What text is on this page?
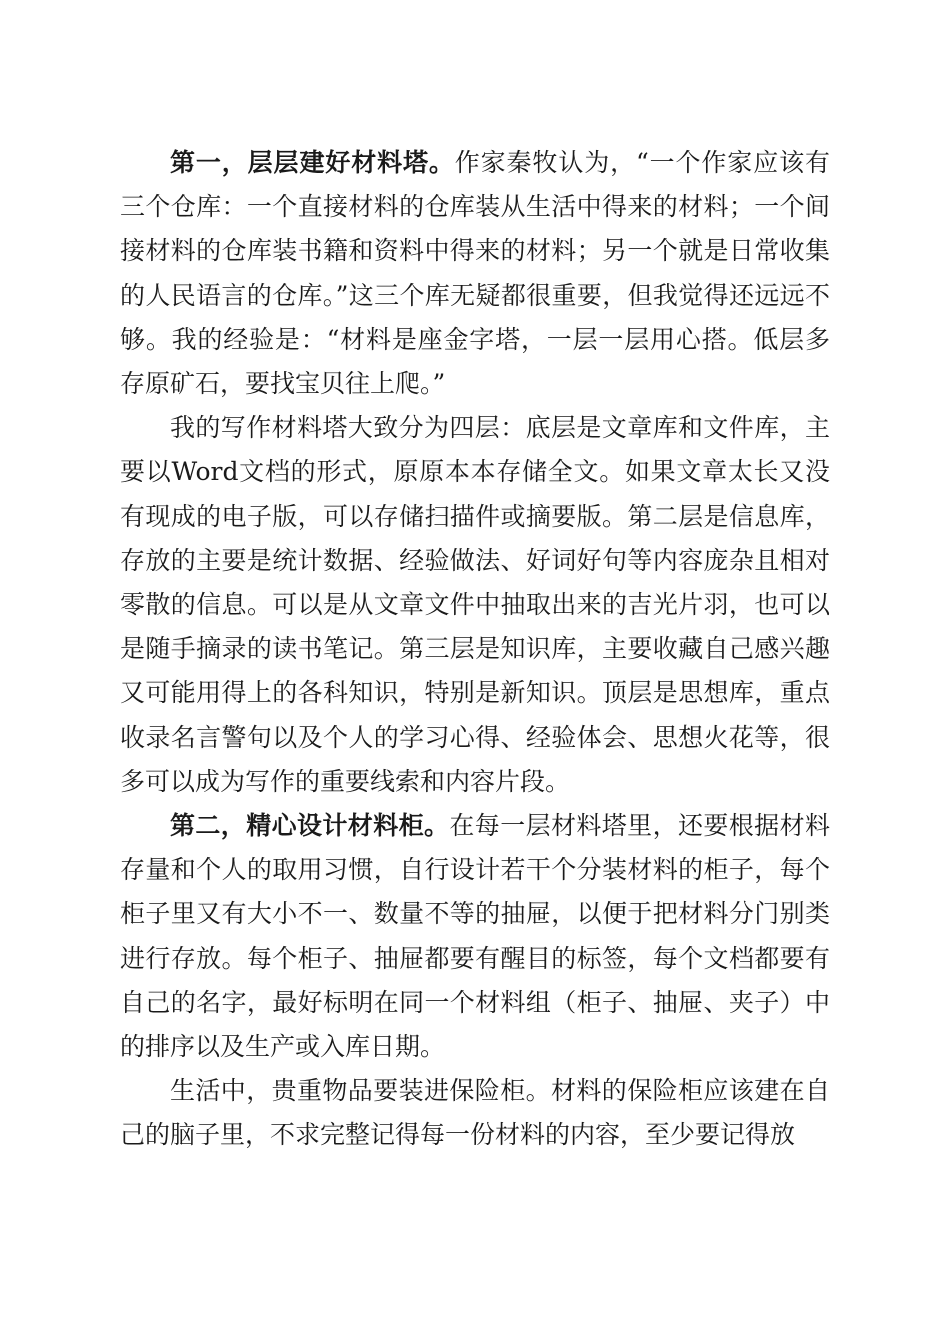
第一，层层建好材料塔。作家秦牧认为，“一个作家应该有三个仓库：一个直接材料的仓库装从生活中得来的材料；一个间接材料的仓库装书籍和资料中得来的材料；另一个就是日常收集的人民语言的仓库。”这三个库无疑都很重要，但我觉得还远远不够。我的经验是：“材料是座金字塔，一层一层用心搭。低层多存原矿石，要找宝贝往上爬。”

我的写作材料塔大致分为四层：底层是文章库和文件库，主要以Word文档的形式，原原本本存储全文。如果文章太长又没有现成的电子版，可以存储扫描件或摘要版。第二层是信息库，存放的主要是统计数据、经验做法、好词好句等内容庞杂且相对零散的信息。可以是从文章文件中抽取出来的吉光片羽，也可以是随手摘录的读书笔记。第三层是知识库，主要收藏自己感兴趣又可能用得上的各科知识，特别是新知识。顶层是思想库，重点收录名言警句以及个人的学习心得、经验体会、思想火花等，很多可以成为写作的重要线索和内容片段。

第二，精心设计材料柜。在每一层材料塔里，还要根据材料存量和个人的取用习惯，自行设计若干个分装材料的柜子，每个柜子里又有大小不一、数量不等的抽屉，以便于把材料分门别类进行存放。每个柜子、抽屉都要有醒目的标签，每个文档都要有自己的名字，最好标明在同一个材料组（柜子、抽屉、夹子）中的排序以及生产或入库日期。

生活中，贵重物品要装进保险柜。材料的保险柜应该建在自己的脑子里，不求完整记得每一份材料的内容，至少要记得放
